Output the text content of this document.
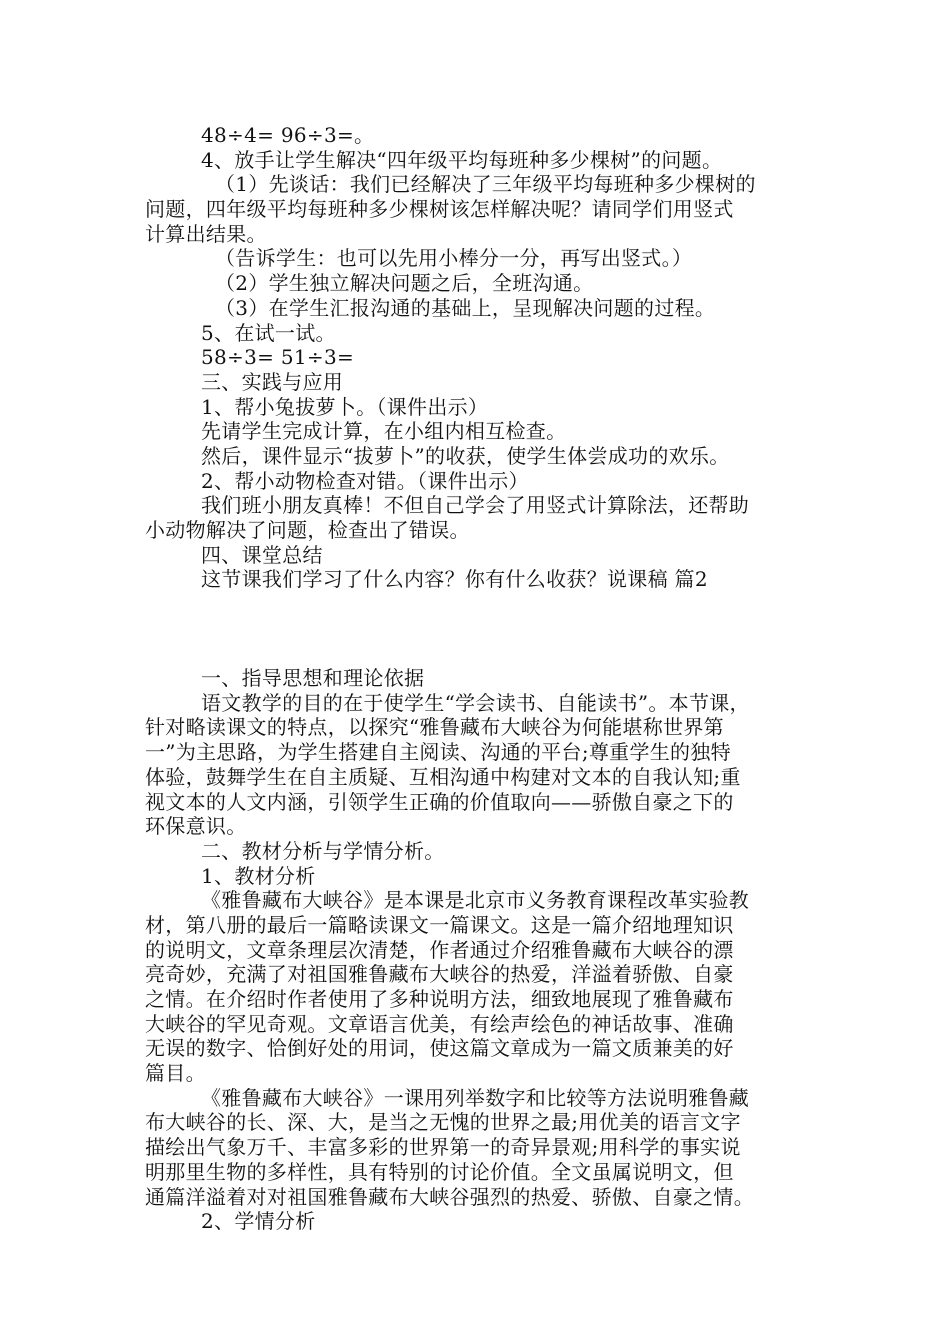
48÷4= 96÷3=。
4、放手让学生解决“四年级平均每班种多少棵树”的问题。
（1）先谈话：我们已经解决了三年级平均每班种多少棵树的
问题，四年级平均每班种多少棵树该怎样解决呢？请同学们用竖式
计算出结果。
（告诉学生：也可以先用小棒分一分，再写出竖式。）
（2）学生独立解决问题之后，全班沟通。
（3）在学生汇报沟通的基础上，呈现解决问题的过程。
5、在试一试。
58÷3= 51÷3=
三、实践与应用
1、帮小兔拔萝卜。（课件出示）
先请学生完成计算，在小组内相互检查。
然后，课件显示“拔萝卜”的收获，使学生体尝成功的欢乐。
2、帮小动物检查对错。（课件出示）
我们班小朋友真棒！不但自己学会了用竖式计算除法，还帮助
小动物解决了问题，检查出了错误。
四、课堂总结
这节课我们学习了什么内容？你有什么收获？说课稿 篇2
一、指导思想和理论依据
语文教学的目的在于使学生“学会读书、自能读书”。本节课，
针对略读课文的特点，以探究“雅鲁藏布大峡谷为何能堪称世界第
一”为主思路，为学生搭建自主阅读、沟通的平台;尊重学生的独特
体验，鼓舞学生在自主质疑、互相沟通中构建对文本的自我认知;重
视文本的人文内涵，引领学生正确的价值取向——骄傲自豪之下的
环保意识。
二、教材分析与学情分析。
1、教材分析
《雅鲁藏布大峡谷》是本课是北京市义务教育课程改革实验教
材，第八册的最后一篇略读课文一篇课文。这是一篇介绍地理知识
的说明文，文章条理层次清楚，作者通过介绍雅鲁藏布大峡谷的漂
亮奇妙，充满了对祖国雅鲁藏布大峡谷的热爱，洋溢着骄傲、自豪
之情。在介绍时作者使用了多种说明方法，细致地展现了雅鲁藏布
大峡谷的罕见奇观。文章语言优美，有绘声绘色的神话故事、准确
无误的数字、恰倒好处的用词，使这篇文章成为一篇文质兼美的好
篇目。
《雅鲁藏布大峡谷》一课用列举数字和比较等方法说明雅鲁藏
布大峡谷的长、深、大，是当之无愧的世界之最;用优美的语言文字
描绘出气象万千、丰富多彩的世界第一的奇异景观;用科学的事实说
明那里生物的多样性，具有特别的讨论价值。全文虽属说明文，但
通篇洋溢着对对祖国雅鲁藏布大峡谷强烈的热爱、骄傲、自豪之情。
2、学情分析
